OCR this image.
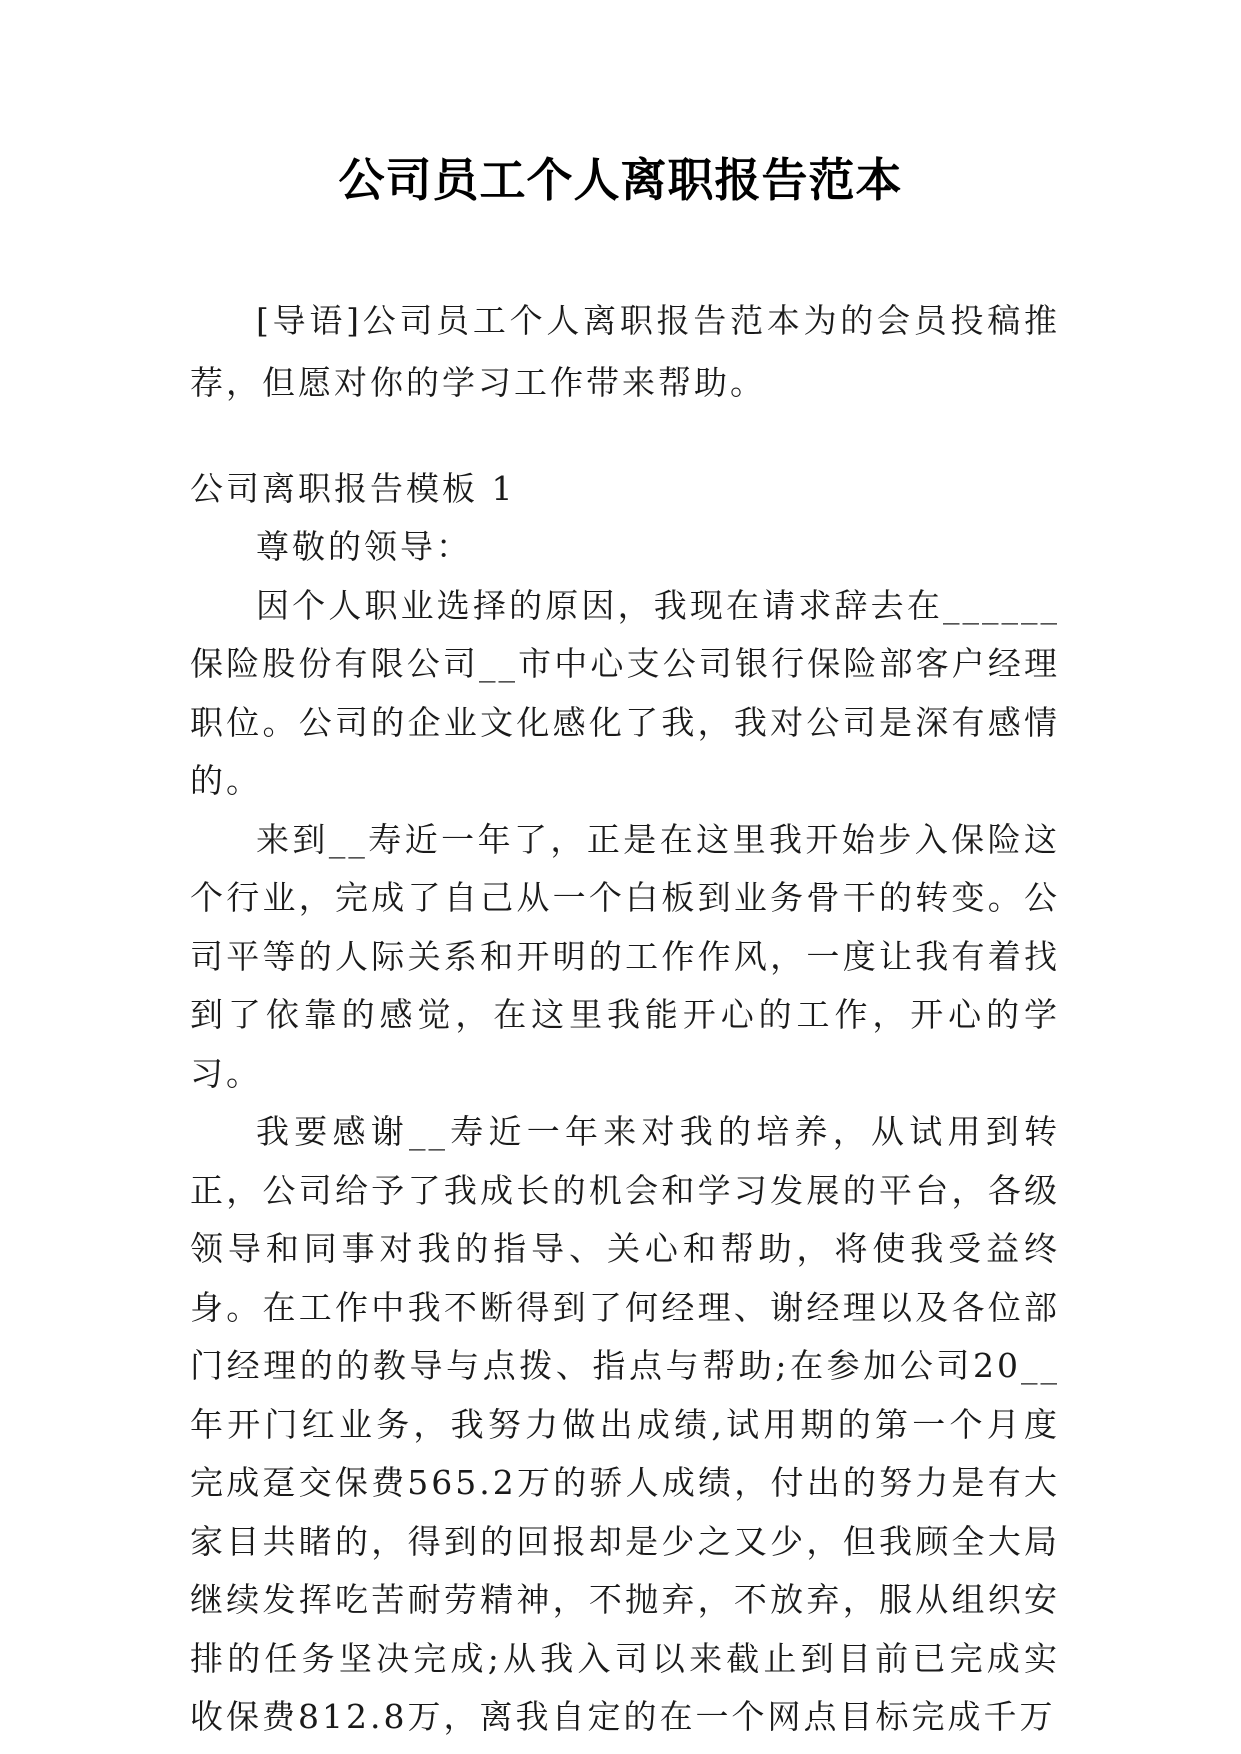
公司员工个人离职报告范本
[导语]公司员工个人离职报告范本为的会员投稿推荐，但愿对你的学习工作带来帮助。
公司离职报告模板 1

尊敬的领导：

因个人职业选择的原因，我现在请求辞去在______保险股份有限公司__市中心支公司银行保险部客户经理职位。公司的企业文化感化了我，我对公司是深有感情的。

来到__寿近一年了，正是在这里我开始步入保险这个行业，完成了自己从一个白板到业务骨干的转变。公司平等的人际关系和开明的工作作风，一度让我有着找到了依靠的感觉，在这里我能开心的工作，开心的学习。

我要感谢__寿近一年来对我的培养，从试用到转正，公司给予了我成长的机会和学习发展的平台，各级领导和同事对我的指导、关心和帮助，将使我受益终身。在工作中我不断得到了何经理、谢经理以及各位部门经理的的教导与点拨、指点与帮助;在参加公司20__年开门红业务，我努力做出成绩,试用期的第一个月度完成趸交保费565.2万的骄人成绩，付出的努力是有大家目共睹的，得到的回报却是少之又少，但我顾全大局继续发挥吃苦耐劳精神，不抛弃，不放弃，服从组织安排的任务坚决完成;从我入司以来截止到目前已完成实收保费812.8万，离我自定的在一个网点目标完成千万
